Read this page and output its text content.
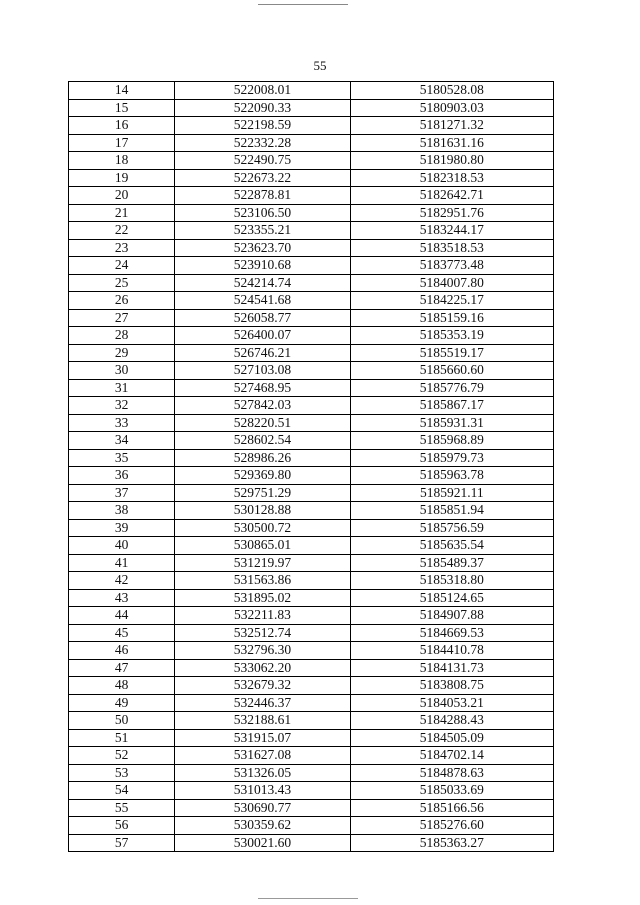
55
14	522008.01	5180528.08
15	522090.33	5180903.03
16	522198.59	5181271.32
17	522332.28	5181631.16
18	522490.75	5181980.80
19	522673.22	5182318.53
20	522878.81	5182642.71
21	523106.50	5182951.76
22	523355.21	5183244.17
23	523623.70	5183518.53
24	523910.68	5183773.48
25	524214.74	5184007.80
26	524541.68	5184225.17
27	526058.77	5185159.16
28	526400.07	5185353.19
29	526746.21	5185519.17
30	527103.08	5185660.60
31	527468.95	5185776.79
32	527842.03	5185867.17
33	528220.51	5185931.31
34	528602.54	5185968.89
35	528986.26	5185979.73
36	529369.80	5185963.78
37	529751.29	5185921.11
38	530128.88	5185851.94
39	530500.72	5185756.59
40	530865.01	5185635.54
41	531219.97	5185489.37
42	531563.86	5185318.80
43	531895.02	5185124.65
44	532211.83	5184907.88
45	532512.74	5184669.53
46	532796.30	5184410.78
47	533062.20	5184131.73
48	532679.32	5183808.75
49	532446.37	5184053.21
50	532188.61	5184288.43
51	531915.07	5184505.09
52	531627.08	5184702.14
53	531326.05	5184878.63
54	531013.43	5185033.69
55	530690.77	5185166.56
56	530359.62	5185276.60
57	530021.60	5185363.27
